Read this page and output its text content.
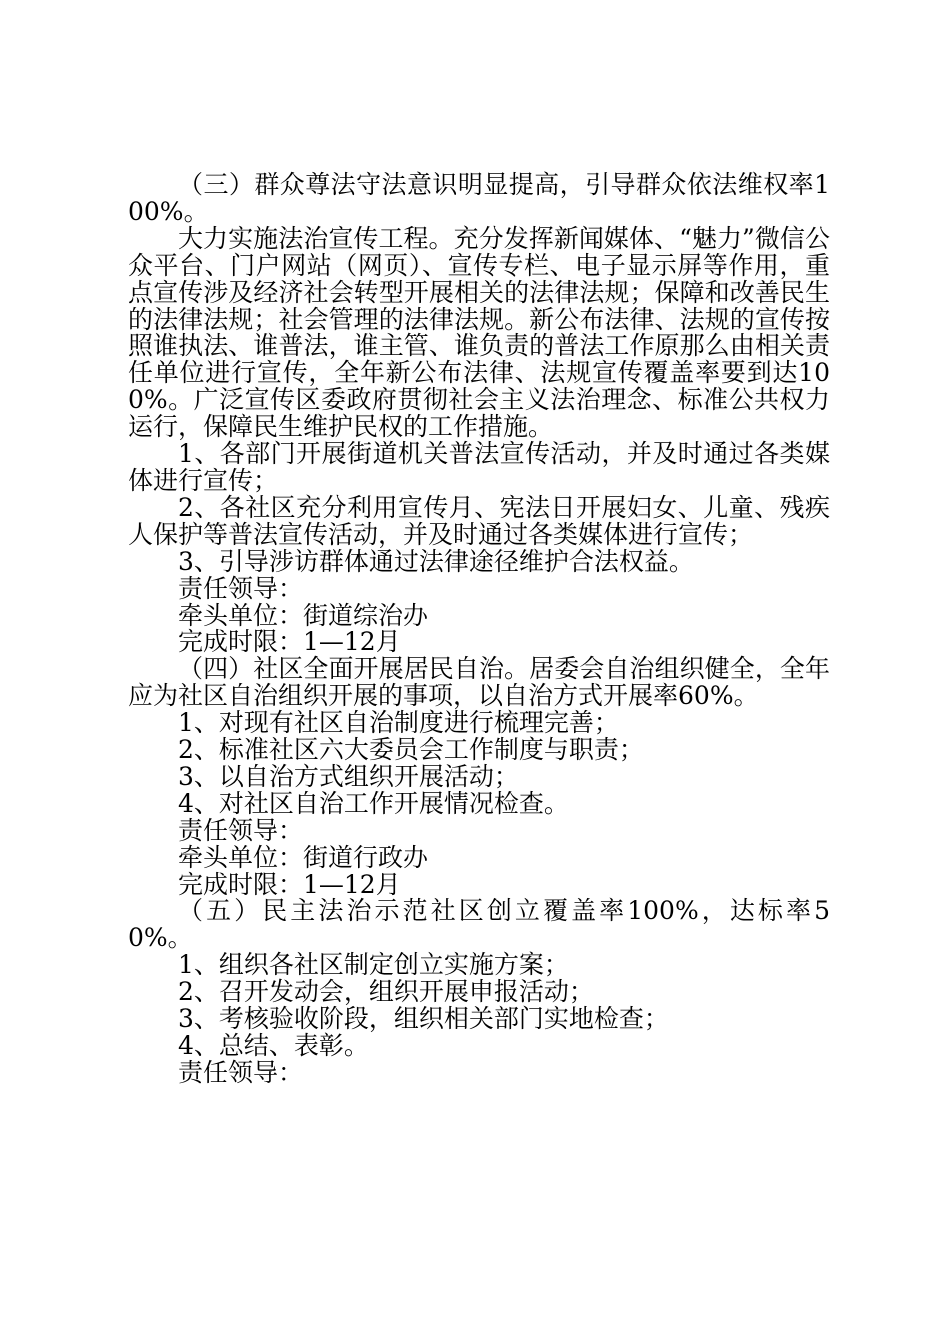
（三）群众尊法守法意识明显提高，引导群众依法维权率100%。

大力实施法治宣传工程。充分发挥新闻媒体、“魅力”微信公众平台、门户网站（网页）、宣传专栏、电子显示屏等作用，重点宣传涉及经济社会转型开展相关的法律法规；保障和改善民生的法律法规；社会管理的法律法规。新公布法律、法规的宣传按照谁执法、谁普法，谁主管、谁负责的普法工作原那么由相关责任单位进行宣传，全年新公布法律、法规宣传覆盖率要到达100%。广泛宣传区委政府贯彻社会主义法治理念、标准公共权力运行，保障民生维护民权的工作措施。

1、各部门开展街道机关普法宣传活动，并及时通过各类媒体进行宣传；

2、各社区充分利用宣传月、宪法日开展妇女、儿童、残疾人保护等普法宣传活动，并及时通过各类媒体进行宣传；

3、引导涉访群体通过法律途径维护合法权益。

责任领导：

牵头单位：街道综治办

完成时限：1—12月

（四）社区全面开展居民自治。居委会自治组织健全，全年应为社区自治组织开展的事项，以自治方式开展率60%。

1、对现有社区自治制度进行梳理完善；

2、标准社区六大委员会工作制度与职责；

3、以自治方式组织开展活动；

4、对社区自治工作开展情况检查。

责任领导：

牵头单位：街道行政办

完成时限：1—12月

（五）民主法治示范社区创立覆盖率100%，达标率50%。

1、组织各社区制定创立实施方案；

2、召开发动会，组织开展申报活动；

3、考核验收阶段，组织相关部门实地检查；

4、总结、表彰。

责任领导：
